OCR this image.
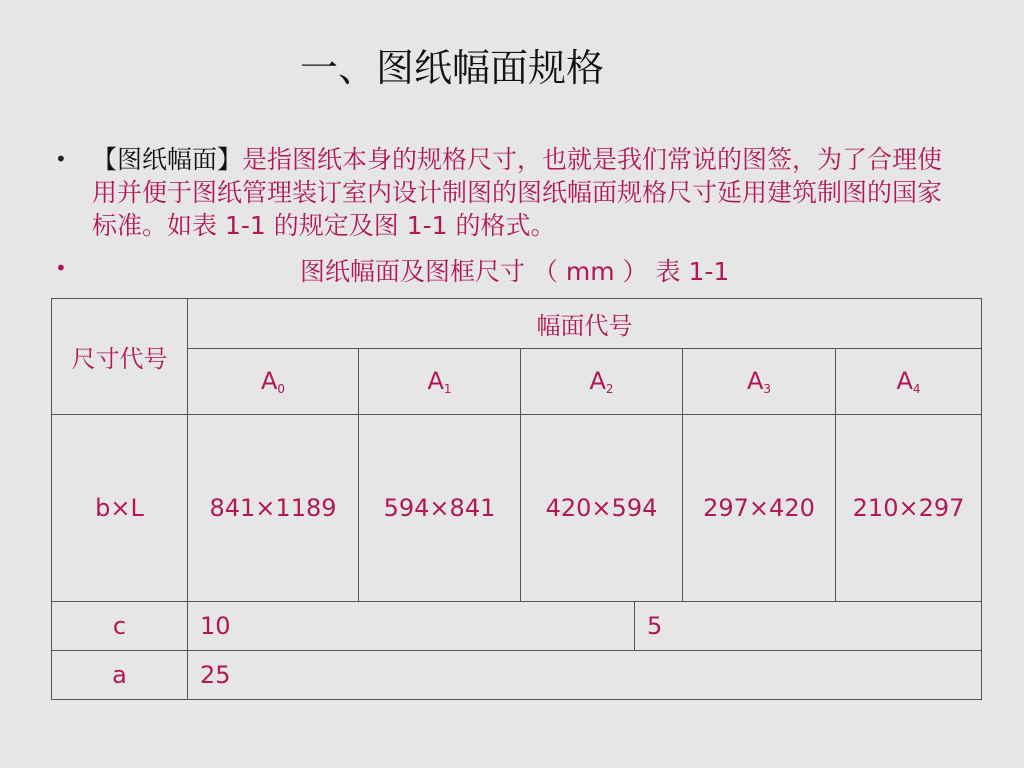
一、图纸幅面规格
• 【图纸幅面】是指图纸本身的规格尺寸，也就是我们常说的图签，为了合理使用并便于图纸管理装订室内设计制图的图纸幅面规格尺寸延用建筑制图的国家标准。如表 1-1 的规定及图 1-1 的格式。
•	图纸幅面及图框尺寸 （ mm ） 表 1-1
尺寸代号	幅面代号				
	$A_0$	$A_1$	$A_2$	$A_3$	$A_4$
b×L	841×1189	594×841	420×594	297×420	210×297
c	10	5
a	25
